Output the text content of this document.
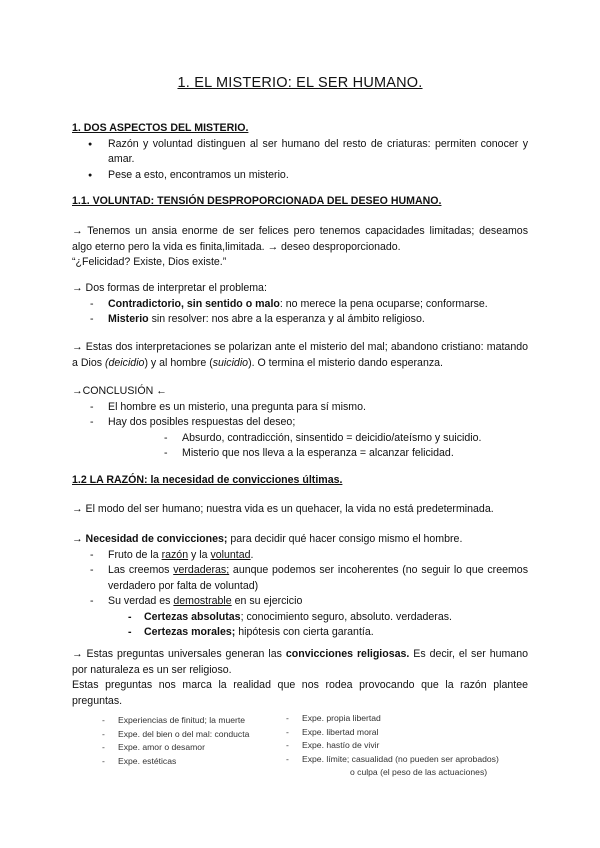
1. EL MISTERIO: EL SER HUMANO.
1. DOS ASPECTOS DEL MISTERIO.
● Razón y voluntad distinguen al ser humano del resto de criaturas: permiten conocer y amar.
● Pese a esto, encontramos un misterio.
1.1. VOLUNTAD: TENSIÓN DESPROPORCIONADA DEL DESEO HUMANO.

→ Tenemos un ansia enorme de ser felices pero tenemos capacidades limitadas; deseamos algo eterno pero la vida es finita,limitada. → deseo desproporcionado.

“¿Felicidad? Existe, Dios existe.”

→ Dos formas de interpretar el problema:

- Contradictorio, sin sentido o malo: no merece la pena ocuparse; conformarse.
- Misterio sin resolver: nos abre a la esperanza y al ámbito religioso.
→ Estas dos interpretaciones se polarizan ante el misterio del mal; abandono cristiano: matando a Dios (deicidio) y al hombre (suicidio). O termina el misterio dando esperanza.

→CONCLUSIÓN ←

- El hombre es un misterio, una pregunta para sí mismo.
- Hay dos posibles respuestas del deseo;
- Absurdo, contradicción, sinsentido = deicidio/ateísmo y suicidio.
- Misterio que nos lleva a la esperanza = alcanzar felicidad.
1.2 LA RAZÓN: la necesidad de convicciones últimas.

→ El modo del ser humano; nuestra vida es un quehacer, la vida no está predeterminada.

→ Necesidad de convicciones; para decidir qué hacer consigo mismo el hombre.

- Fruto de la razón y la voluntad.
- Las creemos verdaderas; aunque podemos ser incoherentes (no seguir lo que creemos verdadero por falta de voluntad)
- Su verdad es demostrable en su ejercicio
- Certezas absolutas; conocimiento seguro, absoluto. verdaderas.
- Certezas morales; hipótesis con cierta garantía.
→ Estas preguntas universales generan las convicciones religiosas. Es decir, el ser humano por naturaleza es un ser religioso.

Estas preguntas nos marca la realidad que nos rodea provocando que la razón plantee preguntas.

- Experiencias de finitud; la muerte
- Expe. del bien o del mal: conducta
- Expe. amor o desamor
- Expe. estéticas
- Expe. propia libertad
- Expe. libertad moral
- Expe. hastío de vivir
- Expe. límite; casualidad (no pueden ser aprobados)
o culpa (el peso de las actuaciones)
